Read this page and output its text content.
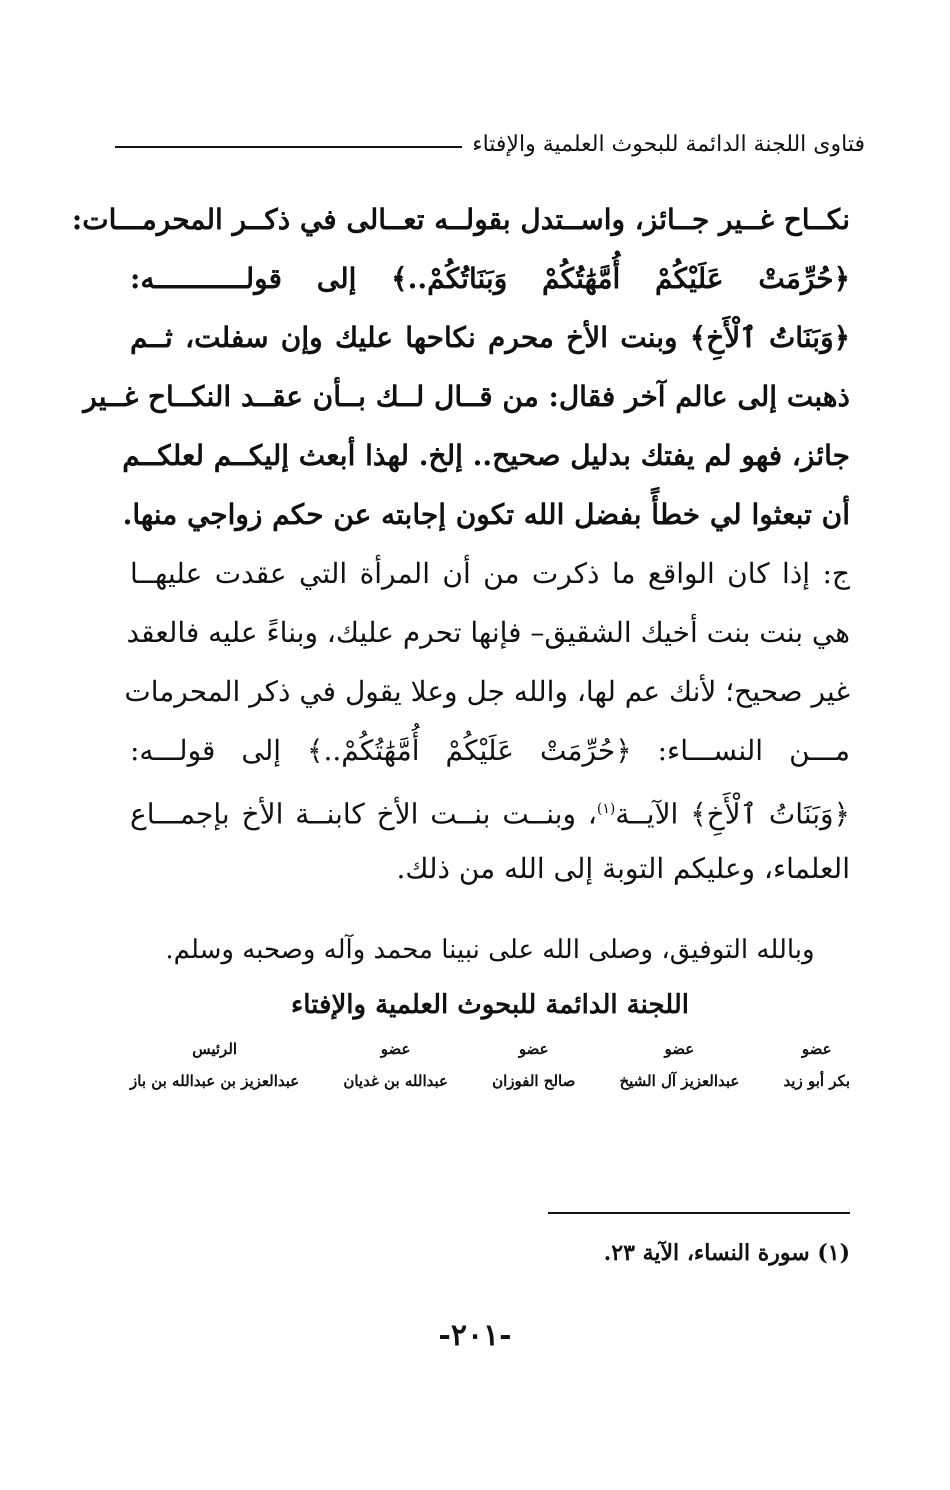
فتاوى اللجنة الدائمة للبحوث العلمية والإفتاء
نكــاح غــير جــائز، واســتدل بقولــه تعــالى في ذكــر المحرمـــات:
﴿حُرِّمَتْ عَلَيْكُمْ أُمَّهَٰتُكُمْ وَبَنَاتُكُمْ..﴾ إلى قولـــــــــــه:
﴿وَبَنَاتُ ٱلْأَخِ﴾ وبنت الأخ محرم نكاحها عليك وإن سفلت، ثــم
ذهبت إلى عالم آخر فقال: من قــال لــك بــأن عقــد النكــاح غــير
جائز، فهو لم يفتك بدليل صحيح.. إلخ. لهذا أبعث إليكــم لعلكــم
أن تبعثوا لي خطأً بفضل الله تكون إجابته عن حكم زواجي منها.
ج: إذا كان الواقع ما ذكرت من أن المرأة التي عقدت عليهــا
هي بنت بنت أخيك الشقيق– فإنها تحرم عليك، وبناءً عليه فالعقد
غير صحيح؛ لأنك عم لها، والله جل وعلا يقول في ذكر المحرمات
مـــن النســـاء: ﴿حُرِّمَتْ عَلَيْكُمْ أُمَّهَٰتُكُمْ..﴾ إلى قولـــه:
﴿وَبَنَاتُ ٱلْأَخِ﴾ الآيــة$^{(١)}$، وبنــت بنــت الأخ كابنــة الأخ بإجمـــاع
العلماء، وعليكم التوبة إلى الله من ذلك.
وبالله التوفيق، وصلى الله على نبينا محمد وآله وصحبه وسلم.
اللجنة الدائمة للبحوث العلمية والإفتاء
عضو
بكر أبو زيد
عضو
عبدالعزيز آل الشيخ
عضو
صالح الفوزان
عضو
عبدالله بن غديان
الرئيس
عبدالعزيز بن عبدالله بن باز
(١) سورة النساء، الآية ٢٣.
-٢٠١-
